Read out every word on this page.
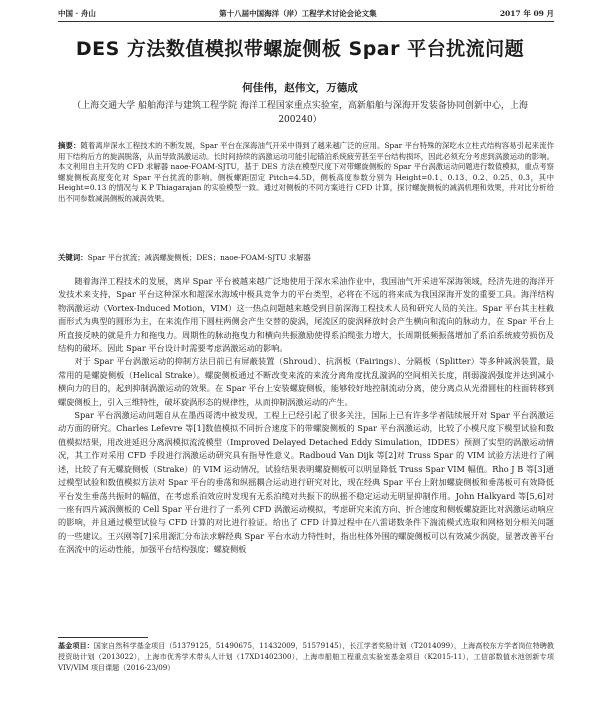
中国 · 舟山	第十八届中国海洋（岸）工程学术讨论会论文集	2017 年 09 月
DES 方法数值模拟带螺旋侧板 Spar 平台扰流问题
何佳伟，赵伟文，万德成
（上海交通大学 船舶海洋与建筑工程学院 海洋工程国家重点实验室，高新船舶与深海开发装备协同创新中心，上海 200240）
摘要：随着离岸深水工程技术的不断发展，Spar 平台在深海油气开采中得到了越来越广泛的应用。Spar 平台特殊的深吃水立柱式结构容易引起来流作用下结构后方的旋涡脱落，从而导致涡激运动。长时间持续的涡激运动可能引起锚泊系统疲劳甚至平台结构损坏，因此必须充分考虑到涡激运动的影响。本文利用自主开发的 CFD 求解器 naoe-FOAM-SJTU，基于 DES 方法在模型尺度下对带螺旋侧板的 Spar 平台涡激运动问题进行数值模拟，重点考察螺旋侧板高度变化对 Spar 平台扰流的影响。侧板螺距固定 Pitch=4.5D，侧板高度参数分别为 Height=0.1、0.13、0.2、0.25、0.3，其中 Height=0.13 的情况与 K P Thiagarajan 的实验模型一致。通过对侧板的不同方案进行 CFD 计算，探讨螺旋侧板的减涡机理和效果，并对比分析给出不同参数减涡侧板的减涡效果。
关键词：Spar 平台扰流；减涡螺旋侧板；DES；naoe-FOAM-SJTU 求解器

随着海洋工程技术的发展，离岸 Spar 平台被越来越广泛地使用于深水采油作业中，我国油气开采进军深海领域，经济先进的海洋开发技术来支持，Spar 平台这种深水和超深水海域中极具竞争力的平台类型，必将在不远的将来成为我国深海开发的重要工具。海洋结构物涡激运动（Vortex-Induced Motion，VIM）这一热点问题越来越受到目前深海工程技术人员和研究人员的关注。Spar 平台其主柱截面形式为典型的圆形为主，在来流作用下圆柱两侧会产生交替的旋涡，尾流区的旋涡释放时会产生横向和流向的脉动力，在 Spar 平台上所直接反映的就是升力和拖曳力。周期性的脉动拖曳力和横向共振激励使得系泊缆张力增大，长周期低频振荡增加了系泊系统疲劳损伤及结构的破坏。因此 Spar 平台设计时需要考虑涡激运动的影响。

对于 Spar 平台涡激运动的抑制方法目前已有屏蔽装置（Shroud）、抗涡板（Fairings）、分隔板（Splitter）等多种减涡装置，最常用的是螺旋侧板（Helical Strake）。螺旋侧板通过不断改变来流的来流分离角度扰乱漩涡的空间相关长度，削弱漩涡强度并达到减小横向力的目的，起到抑制涡激运动的效果。在 Spar 平台上安装螺旋侧板，能够较好地控制流动分离，使分离点从光滑圆柱的柱面转移到螺旋侧板上，引入三维特性，破坏旋涡形态的规律性，从而抑制涡激运动的产生。

Spar 平台涡激运动问题自从在墨西哥湾中被发现，工程上已经引起了很多关注，国际上已有许多学者陆续展开对 Spar 平台涡激运动方面的研究。Charles Lefevre 等[1]数值模拟不同折合速度下的带螺旋侧板的 Spar 平台涡激运动，比较了小模尺度下模型试验和数值模拟结果，用改进延迟分离涡模拟流流模型（Improved Delayed Detached Eddy Simulation，IDDES）预测了实型的涡激运动情况，其工作对采用 CFD 手段进行涡激运动研究具有指导性意义。Radboud Van Dijk 等[2]对 Truss Spar 的 VIM 试验方法进行了阐述，比较了有无螺旋侧板（Strake）的 VIM 运动情况，试验结果表明螺旋侧板可以明显降低 Truss Spar VIM 幅值。Rho J B 等[3]通过模型试验和数值模拟方法对 Spar 平台的垂荡和纵摇耦合运动进行研究对比，现在经典 Spar 平台上附加螺旋侧板和垂荡板可有效降低平台发生垂荡共振时的幅值，在考虑系泊效应时发现有无系泊缆对共振下的纵摇不稳定运动无明显抑制作用。John Halkyard 等[5,6]对一座有四片减涡侧板的 Cell Spar 平台进行了一系列 CFD 涡激运动模拟，考虑研究来流方向、折合速度和侧板螺旋距比对涡激运动响应的影响，并且通过模型试验与 CFD 计算的对比进行验证。给出了 CFD 计算过程中在八雷诺数条件下湍流模式选取和网格划分相关问题的一些建议。王兴刚等[7]采用源汇分布法求解经典 Spar 平台水动力特性时，指出柱体外围的螺旋侧板可以有效减少涡旋，显著改善平台在涡流中的运动性能，加强平台结构强度；螺旋侧板

基金项目：国家自然科学基金项目（51379125，51490675，11432009，51579145），长江学者奖励计划（T2014099），上海高校东方学者岗位特聘教授资助计划（2013022），上海市优秀学术带头人计划（17XD1402300），上海市船舶工程重点实验室基金项目（K2015-11），工信部数值水池创新专项 VIV/VIM 项目课题（2016-23/09）
